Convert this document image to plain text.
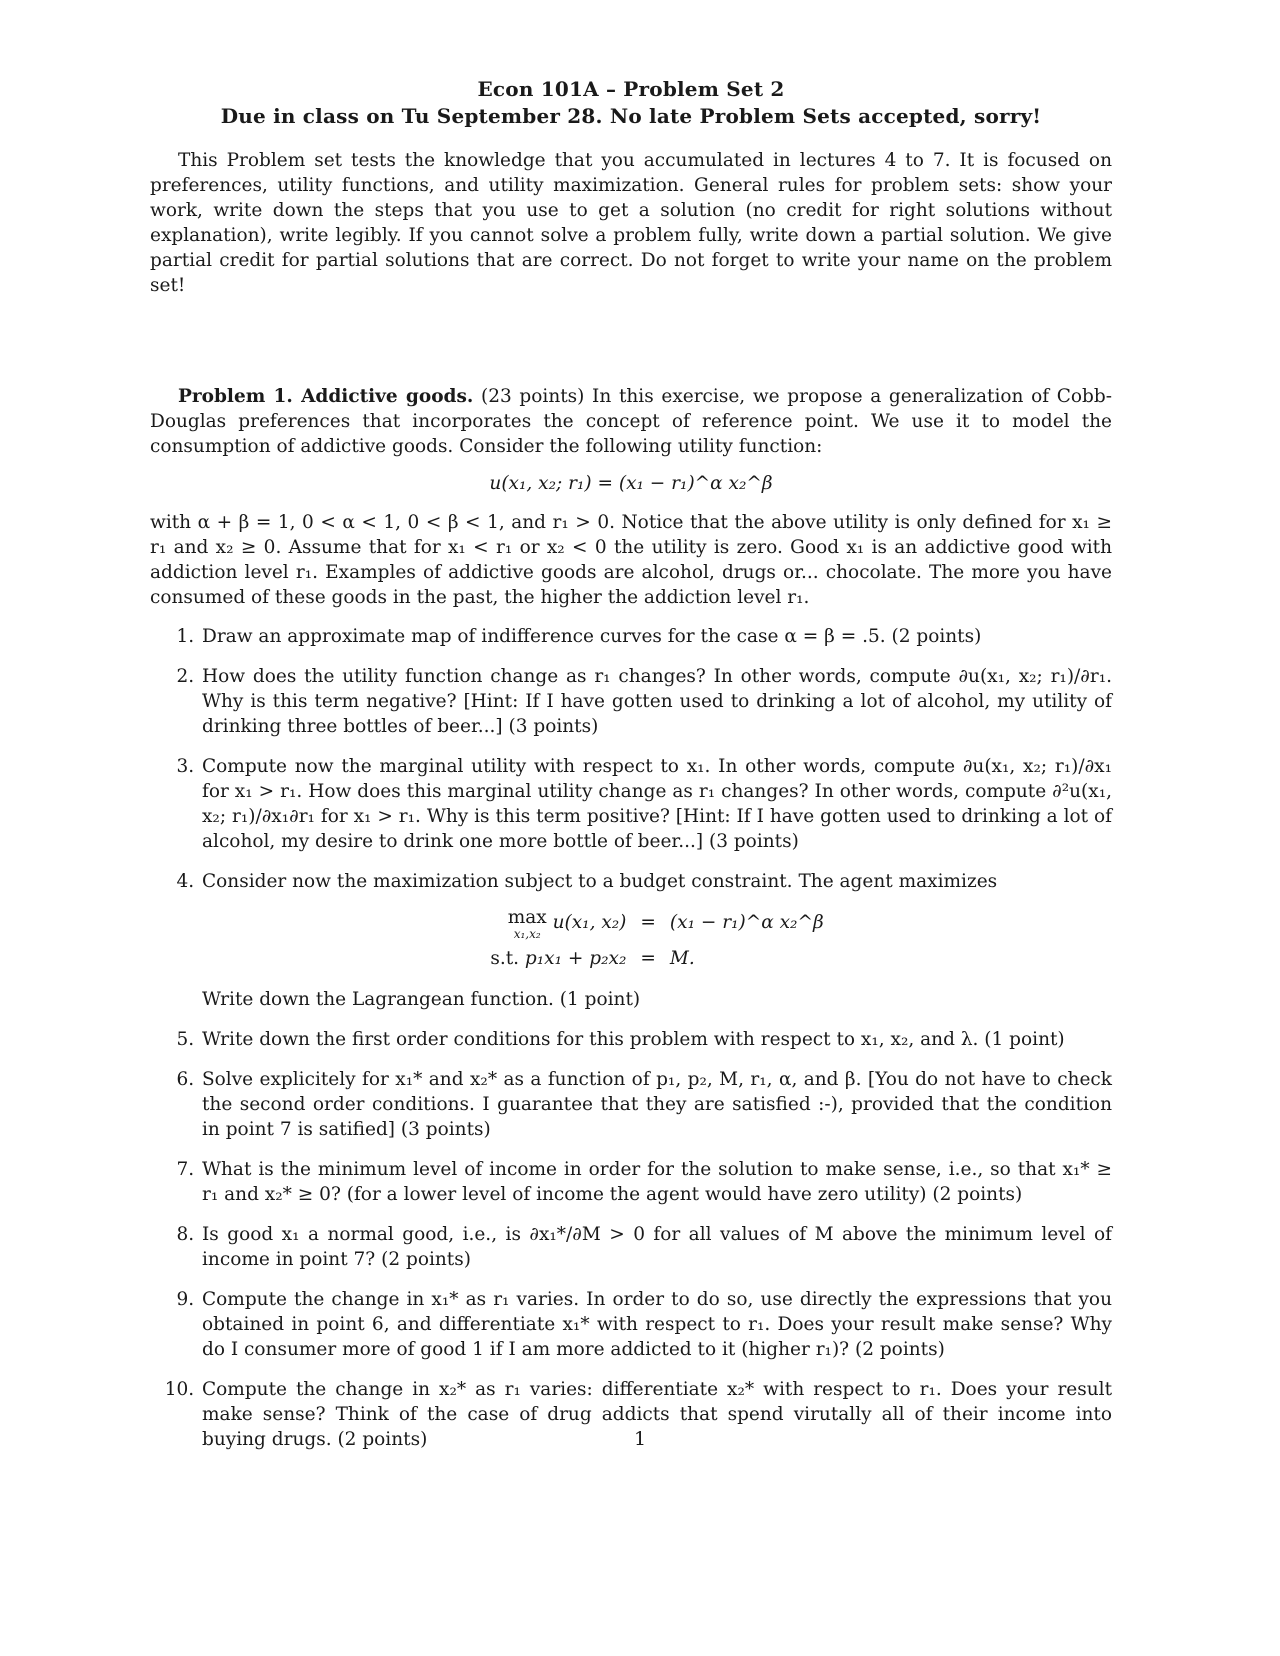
Econ 101A – Problem Set 2
Due in class on Tu September 28. No late Problem Sets accepted, sorry!
This Problem set tests the knowledge that you accumulated in lectures 4 to 7. It is focused on preferences, utility functions, and utility maximization. General rules for problem sets: show your work, write down the steps that you use to get a solution (no credit for right solutions without explanation), write legibly. If you cannot solve a problem fully, write down a partial solution. We give partial credit for partial solutions that are correct. Do not forget to write your name on the problem set!
Problem 1. Addictive goods. (23 points) In this exercise, we propose a generalization of Cobb-Douglas preferences that incorporates the concept of reference point. We use it to model the consumption of addictive goods. Consider the following utility function:
u(x₁, x₂; r₁) = (x₁ − r₁)^α x₂^β
with α + β = 1, 0 < α < 1, 0 < β < 1, and r₁ > 0. Notice that the above utility is only defined for x₁ ≥ r₁ and x₂ ≥ 0. Assume that for x₁ < r₁ or x₂ < 0 the utility is zero. Good x₁ is an addictive good with addiction level r₁. Examples of addictive goods are alcohol, drugs or... chocolate. The more you have consumed of these goods in the past, the higher the addiction level r₁.
1. Draw an approximate map of indifference curves for the case α = β = .5. (2 points)
2. How does the utility function change as r₁ changes? In other words, compute ∂u(x₁, x₂; r₁)/∂r₁. Why is this term negative? [Hint: If I have gotten used to drinking a lot of alcohol, my utility of drinking three bottles of beer...] (3 points)
3. Compute now the marginal utility with respect to x₁. In other words, compute ∂u(x₁, x₂; r₁)/∂x₁ for x₁ > r₁. How does this marginal utility change as r₁ changes? In other words, compute ∂²u(x₁, x₂; r₁)/∂x₁∂r₁ for x₁ > r₁. Why is this term positive? [Hint: If I have gotten used to drinking a lot of alcohol, my desire to drink one more bottle of beer...] (3 points)
4. Consider now the maximization subject to a budget constraint. The agent maximizes
max
x₁,x₂
u(x₁, x₂) = (x₁ − r₁)^α x₂^β
s.t. p₁x₁ + p₂x₂ = M.
Write down the Lagrangean function. (1 point)
5. Write down the first order conditions for this problem with respect to x₁, x₂, and λ. (1 point)
6. Solve explicitely for x₁* and x₂* as a function of p₁, p₂, M, r₁, α, and β. [You do not have to check the second order conditions. I guarantee that they are satisfied :-), provided that the condition in point 7 is satified] (3 points)
7. What is the minimum level of income in order for the solution to make sense, i.e., so that x₁* ≥ r₁ and x₂* ≥ 0? (for a lower level of income the agent would have zero utility) (2 points)
8. Is good x₁ a normal good, i.e., is ∂x₁*/∂M > 0 for all values of M above the minimum level of income in point 7? (2 points)
9. Compute the change in x₁* as r₁ varies. In order to do so, use directly the expressions that you obtained in point 6, and differentiate x₁* with respect to r₁. Does your result make sense? Why do I consumer more of good 1 if I am more addicted to it (higher r₁)? (2 points)
10. Compute the change in x₂* as r₁ varies: differentiate x₂* with respect to r₁. Does your result make sense? Think of the case of drug addicts that spend virutally all of their income into buying drugs. (2 points)	1
